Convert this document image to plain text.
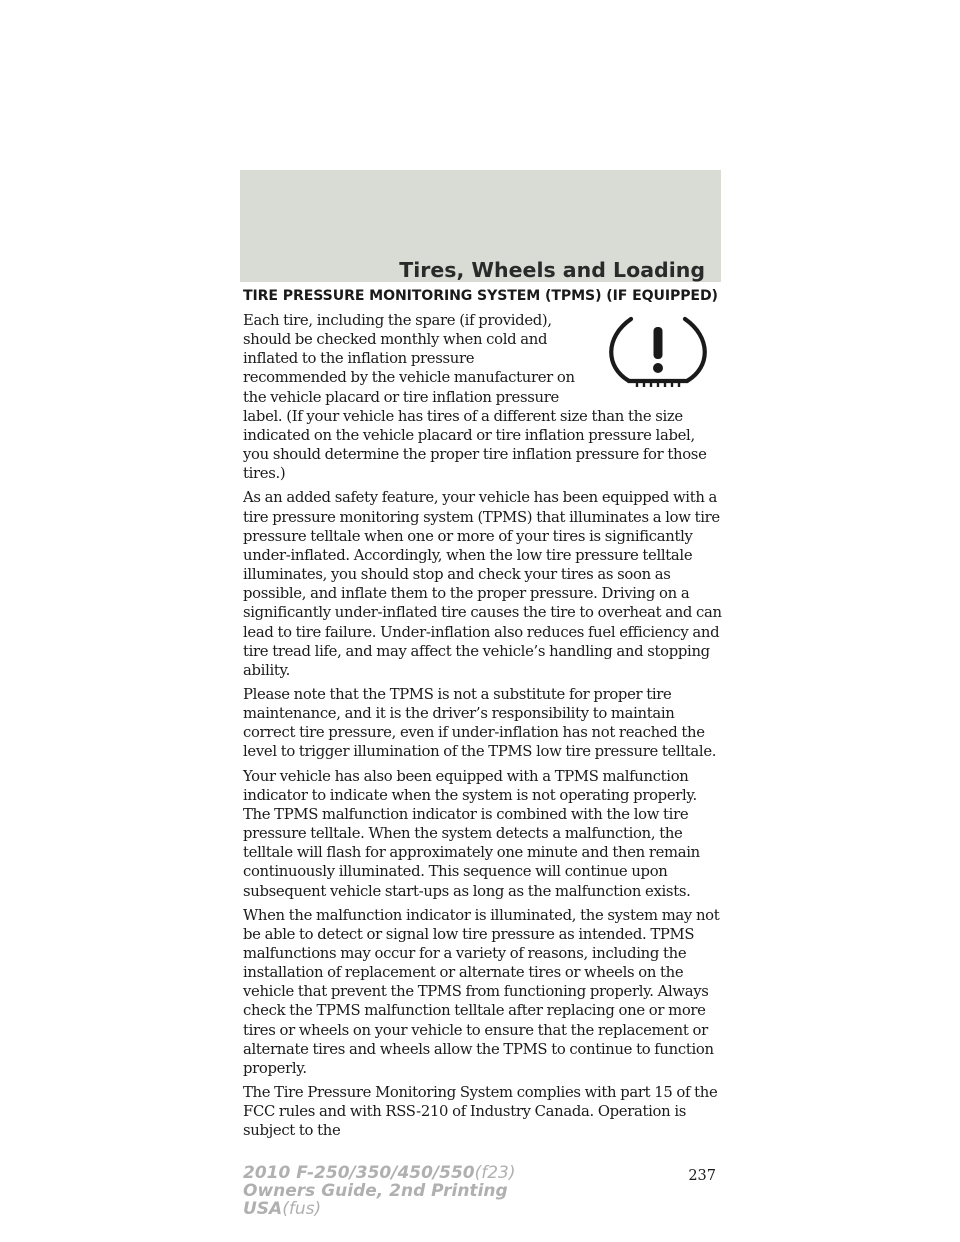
Tires, Wheels and Loading
TIRE PRESSURE MONITORING SYSTEM (TPMS) (IF EQUIPPED)

Each tire, including the spare (if provided), should be checked monthly when cold and inflated to the inflation pressure recommended by the vehicle manufacturer on the vehicle placard or tire inflation pressure label. (If your vehicle has tires of a different size than the size indicated on the vehicle placard or tire inflation pressure label, you should determine the proper tire inflation pressure for those tires.)

As an added safety feature, your vehicle has been equipped with a tire pressure monitoring system (TPMS) that illuminates a low tire pressure telltale when one or more of your tires is significantly under-inflated. Accordingly, when the low tire pressure telltale illuminates, you should stop and check your tires as soon as possible, and inflate them to the proper pressure. Driving on a significantly under-inflated tire causes the tire to overheat and can lead to tire failure. Under-inflation also reduces fuel efficiency and tire tread life, and may affect the vehicle’s handling and stopping ability.

Please note that the TPMS is not a substitute for proper tire maintenance, and it is the driver’s responsibility to maintain correct tire pressure, even if under-inflation has not reached the level to trigger illumination of the TPMS low tire pressure telltale.

Your vehicle has also been equipped with a TPMS malfunction indicator to indicate when the system is not operating properly. The TPMS malfunction indicator is combined with the low tire pressure telltale. When the system detects a malfunction, the telltale will flash for approximately one minute and then remain continuously illuminated. This sequence will continue upon subsequent vehicle start-ups as long as the malfunction exists.

When the malfunction indicator is illuminated, the system may not be able to detect or signal low tire pressure as intended. TPMS malfunctions may occur for a variety of reasons, including the installation of replacement or alternate tires or wheels on the vehicle that prevent the TPMS from functioning properly. Always check the TPMS malfunction telltale after replacing one or more tires or wheels on your vehicle to ensure that the replacement or alternate tires and wheels allow the TPMS to continue to function properly.

The Tire Pressure Monitoring System complies with part 15 of the FCC rules and with RSS-210 of Industry Canada. Operation is subject to the

237
2010 F-250/350/450/550(f23)
Owners Guide, 2nd Printing
USA(fus)
